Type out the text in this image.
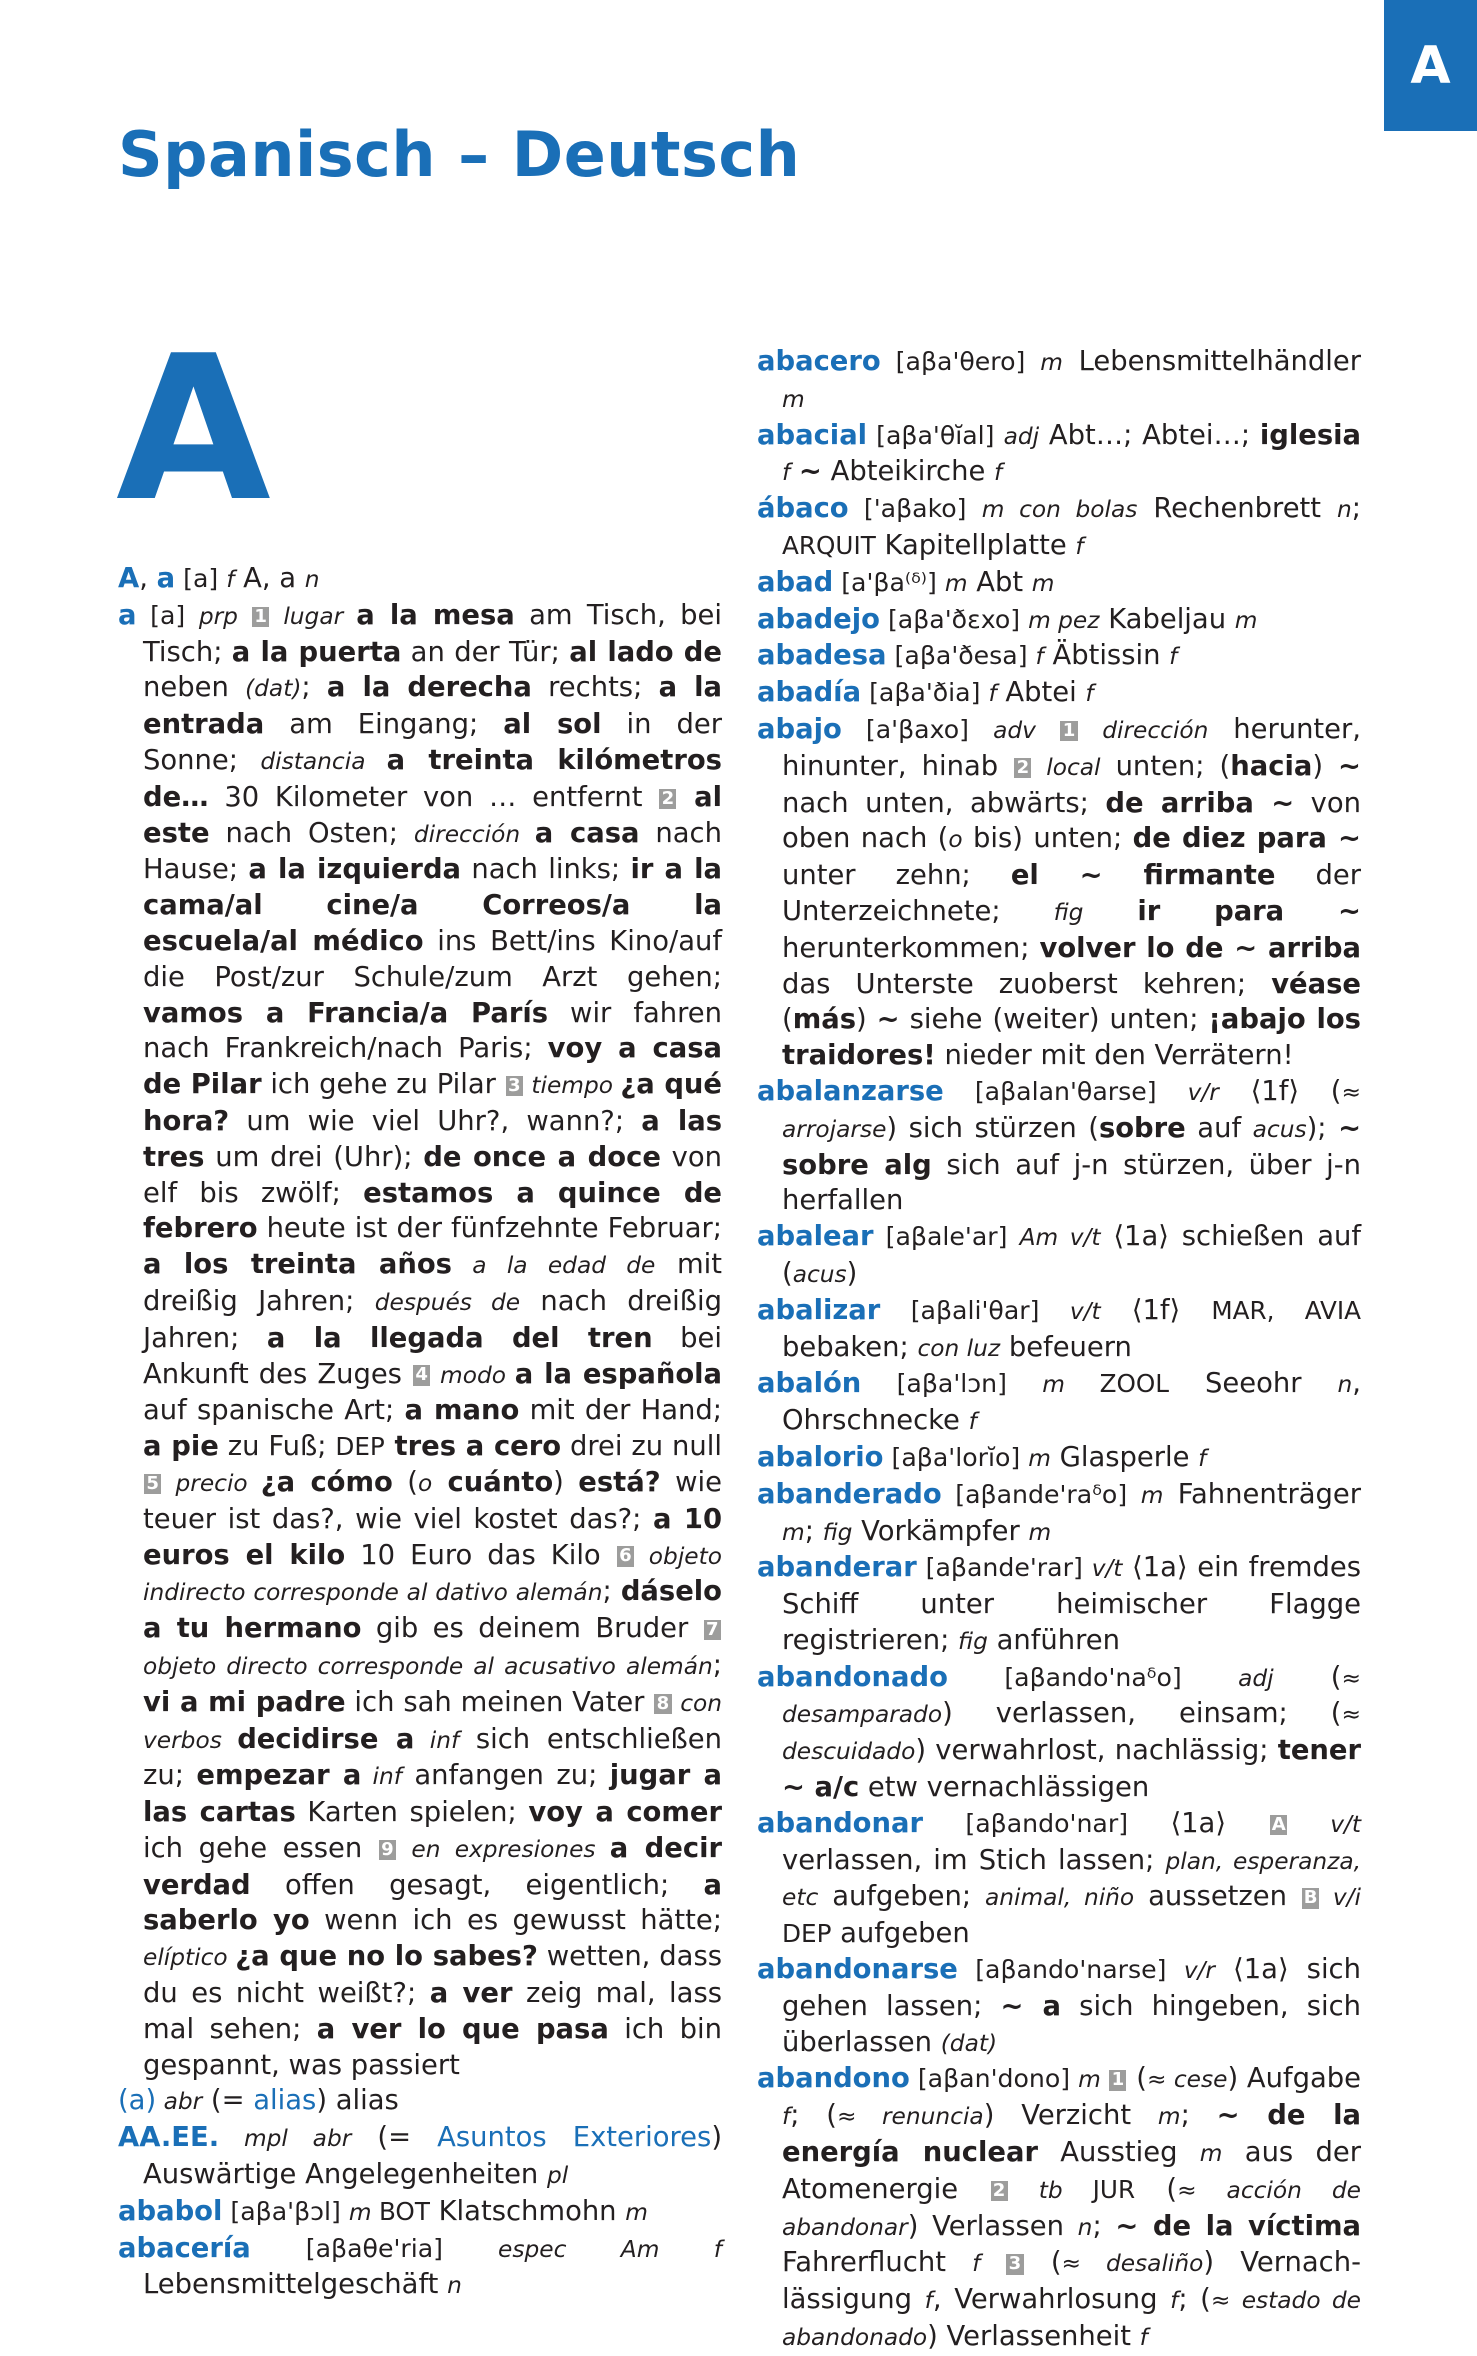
A
Spanisch – Deutsch
A

A, a [a] f A, a n

a [a] prp 1 lugar a la mesa am Tisch, bei Tisch; a la puerta an der Tür; al lado de neben (dat); a la derecha rechts; a la entrada am Eingang; al sol in der Sonne; distancia a treinta kilómetros de… 30 Kilometer von … entfernt 2 al este nach Osten; dirección a casa nach Hause; a la izquierda nach links; ir a la cama/al cine/a Correos/a la escuela/al médico ins Bett/ins Kino/auf die Post/zur Schule/zum Arzt gehen; vamos a Francia/a París wir fahren nach Frankreich/nach Paris; voy a casa de Pilar ich gehe zu Pilar 3 tiempo ¿a qué hora? um wie viel Uhr?, wann?; a las tres um drei (Uhr); de once a doce von elf bis zwölf; estamos a quince de febrero heute ist der fünfzehnte Februar; a los treinta años a la edad de mit dreißig Jahren; después de nach dreißig Jahren; a la llegada del tren bei Ankunft des Zuges 4 modo a la española auf spanische Art; a mano mit der Hand; a pie zu Fuß; DEP tres a cero drei zu null 5 precio ¿a cómo (o cuánto) está? wie teuer ist das?, wie viel kostet das?; a 10 euros el kilo 10 Euro das Kilo 6 objeto indirecto corresponde al dativo alemán; dáselo a tu hermano gib es deinem Bruder 7 objeto directo corresponde al acusativo alemán; vi a mi padre ich sah meinen Vater 8 con verbos decidirse a inf sich entschließen zu; empezar a inf anfangen zu; jugar a las cartas Karten spielen; voy a comer ich gehe essen 9 en expresiones a decir verdad offen gesagt, eigentlich; a saberlo yo wenn ich es gewusst hätte; elíptico ¿a que no lo sabes? wetten, dass du es nicht weißt?; a ver zeig mal, lass mal sehen; a ver lo que pasa ich bin gespannt, was passiert

(a) abr (= alias) alias

AA.EE. mpl abr (= Asuntos Exteriores) Auswärtige Angelegenheiten pl

ababol [aβa'βɔl] m BOT Klatschmohn m

abacería [aβaθe'ria] espec Am f Lebensmittelgeschäft n

abacero [aβa'θero] m Lebensmittelhändler m

abacial [aβa'θĭal] adj Abt…; Abtei…; iglesia f ~ Abteikirche f

ábaco ['aβako] m con bolas Rechenbrett n; ARQUIT Kapitellplatte f

abad [a'βa⁽ᵟ⁾] m Abt m

abadejo [aβa'ðεxo] m pez Kabeljau m

abadesa [aβa'ðesa] f Äbtissin f

abadía [aβa'ðia] f Abtei f

abajo [a'βaxo] adv 1 dirección herunter, hinunter, hinab 2 local unten; (hacia) ~ nach unten, abwärts; de arriba ~ von oben nach (o bis) unten; de diez para ~ unter zehn; el ~ firmante der Unterzeichnete; fig ir para ~ herunterkommen; volver lo de ~ arriba das Unterste zuoberst kehren; véase (más) ~ siehe (weiter) unten; ¡abajo los traidores! nieder mit den Verrätern!

abalanzarse [aβalan'θarse] v/r ⟨1f⟩ (≈ arrojarse) sich stürzen (sobre auf acus); ~ sobre alg sich auf j-n stürzen, über j-n herfallen

abalear [aβale'ar] Am v/t ⟨1a⟩ schießen auf (acus)

abalizar [aβali'θar] v/t ⟨1f⟩ MAR, AVIA bebaken; con luz befeuern

abalón [aβa'lɔn] m ZOOL Seeohr n, Ohrschnecke f

abalorio [aβa'lorĭo] m Glasperle f

abanderado [aβande'raᵟo] m Fahnenträger m; fig Vorkämpfer m

abanderar [aβande'rar] v/t ⟨1a⟩ ein fremdes Schiff unter heimischer Flagge registrieren; fig anführen

abandonado [aβando'naᵟo] adj (≈ desamparado) verlassen, einsam; (≈ descuidado) verwahrlost, nachlässig; tener ~ a/c etw vernachlässigen

abandonar [aβando'nar] ⟨1a⟩ A v/t verlassen, im Stich lassen; plan, esperanza, etc aufgeben; animal, niño aussetzen B v/i DEP aufgeben

abandonarse [aβando'narse] v/r ⟨1a⟩ sich gehen lassen; ~ a sich hingeben, sich überlassen (dat)

abandono [aβan'dono] m 1 (≈ cese) Aufgabe f; (≈ renuncia) Verzicht m; ~ de la energía nuclear Ausstieg m aus der Atomenergie 2 tb JUR (≈ acción de abandonar) Verlassen n; ~ de la víctima Fahrerflucht f 3 (≈ desaliño) Vernachlässigung f, Verwahrlosung f; (≈ estado de abandonado) Verlassenheit f
